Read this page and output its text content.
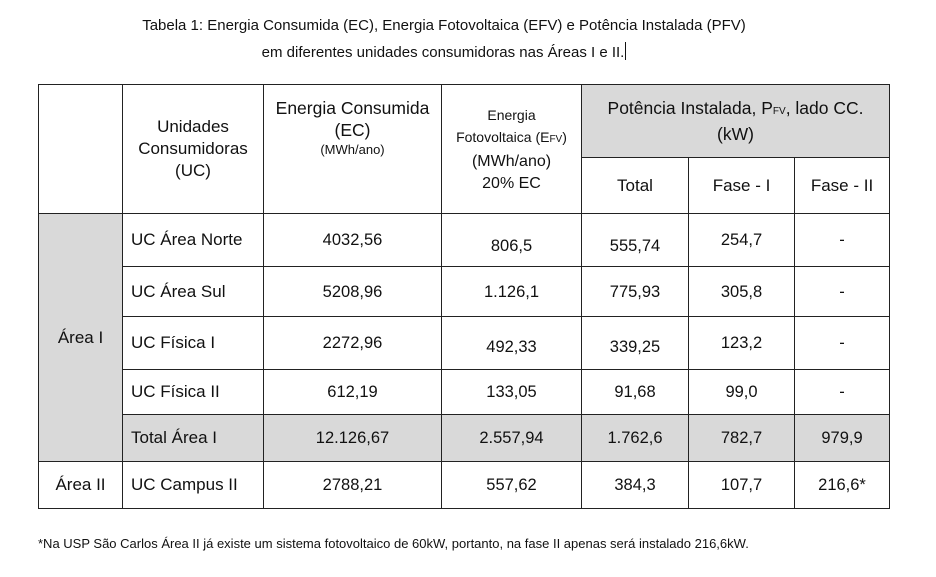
Tabela 1: Energia Consumida (EC), Energia Fotovoltaica (EFV) e Potência Instalada (PFV)
em diferentes unidades consumidoras nas Áreas I e II.
	Unidades
Consumidoras
(UC)	Energia Consumida
(EC)
(MWh/ano)	Energia
Fotovoltaica (EFV)
(MWh/ano)
20% EC	Potência Instalada, PFV, lado CC.
(kW)		
				Total	Fase - I	Fase - II
Área I	UC Área Norte	4032,56	806,5	555,74	254,7	-
	UC Área Sul	5208,96	1.126,1	775,93	305,8	-
	UC Física I	2272,96	492,33	339,25	123,2	-
	UC Física II	612,19	133,05	91,68	99,0	-
	Total Área I	12.126,67	2.557,94	1.762,6	782,7	979,9
Área II	UC Campus II	2788,21	557,62	384,3	107,7	216,6*
*Na USP São Carlos Área II já existe um sistema fotovoltaico de 60kW, portanto, na fase II apenas será instalado 216,6kW.
